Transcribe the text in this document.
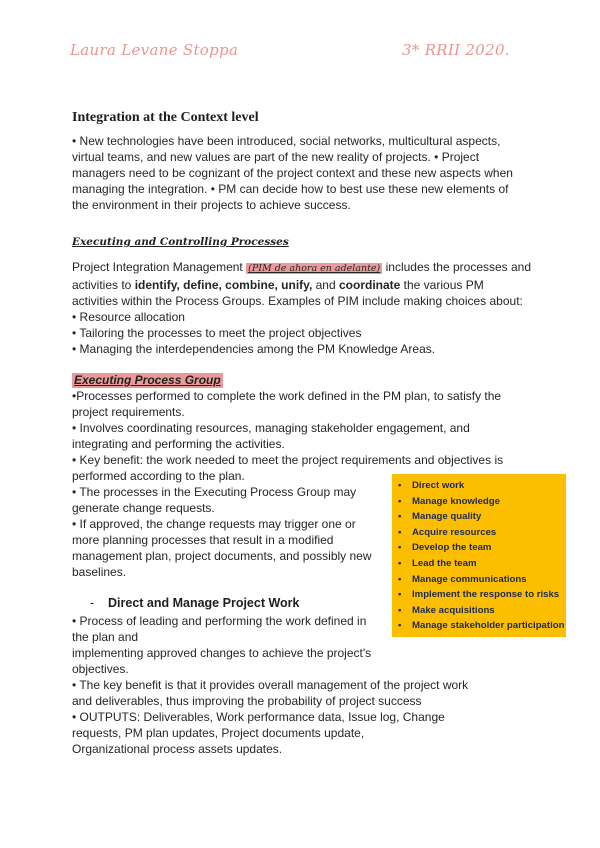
Laura Levane Stoppa	3* RRII 2020.
Integration at the Context level
• New technologies have been introduced, social networks, multicultural aspects,
virtual teams, and new values are part of the new reality of projects. • Project
managers need to be cognizant of the project context and these new aspects when
managing the integration. • PM can decide how to best use these new elements of
the environment in their projects to achieve success.
Executing and Controlling Processes
Project Integration Management (PIM de ahora en adelante) includes the processes and
activities to identify, define, combine, unify, and coordinate the various PM
activities within the Process Groups. Examples of PIM include making choices about:
• Resource allocation
• Tailoring the processes to meet the project objectives
• Managing the interdependencies among the PM Knowledge Areas.
Executing Process Group
•Processes performed to complete the work defined in the PM plan, to satisfy the
project requirements.
• Involves coordinating resources, managing stakeholder engagement, and
integrating and performing the activities.
• Key benefit: the work needed to meet the project requirements and objectives is
performed according to the plan.
• The processes in the Executing Process Group may
generate change requests.
• If approved, the change requests may trigger one or
more planning processes that result in a modified
management plan, project documents, and possibly new
baselines.
• Direct work
• Manage knowledge
• Manage quality
• Acquire resources
• Develop the team
• Lead the team
• Manage communications
• Implement the response to risks
• Make acquisitions
• Manage stakeholder participation
- Direct and Manage Project Work
• Process of leading and performing the work defined in
the plan and
implementing approved changes to achieve the project's
objectives.
• The key benefit is that it provides overall management of the project work
and deliverables, thus improving the probability of project success
• OUTPUTS: Deliverables, Work performance data, Issue log, Change
requests, PM plan updates, Project documents update,
Organizational process assets updates.
